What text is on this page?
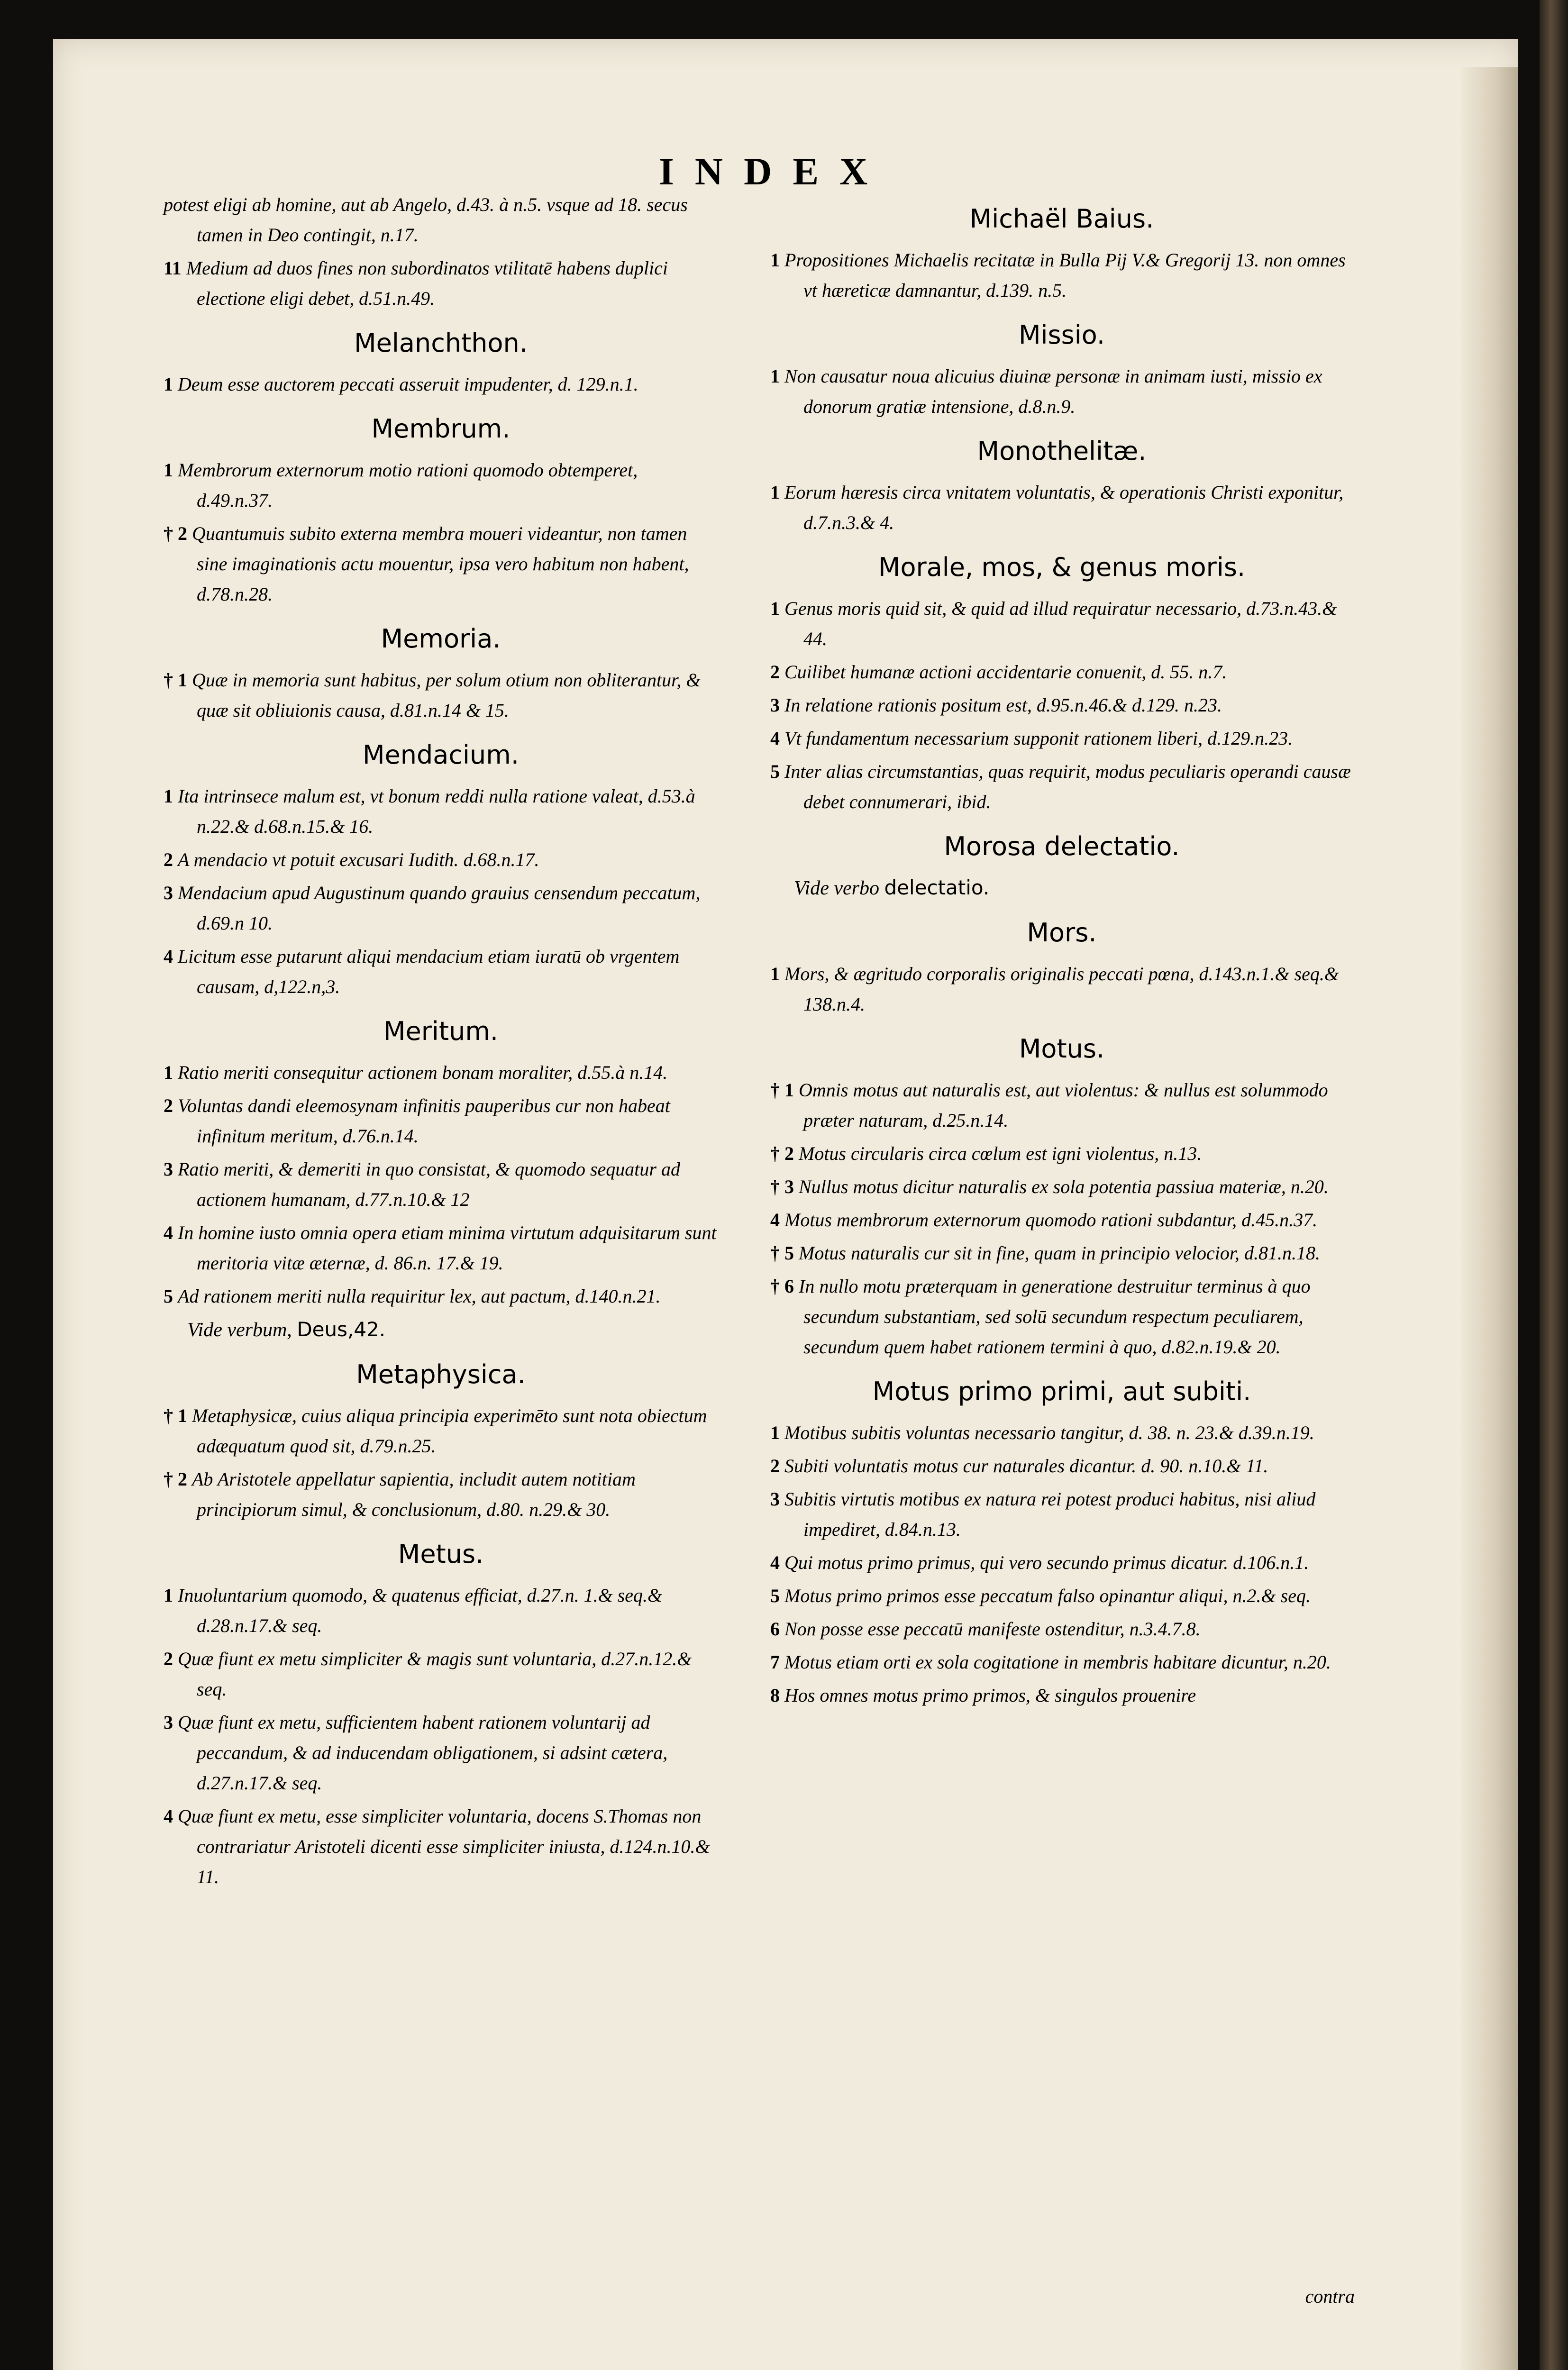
INDEX
potest eligi ab homine, aut ab Angelo, d.43. à n.5. vsque ad 18. secus tamen in Deo contingit, n.17.
11 Medium ad duos fines non subordinatos vtilitatē habens duplici electione eligi debet, d.51.n.49.
Melanchthon.
1 Deum esse auctorem peccati asseruit impudenter, d. 129.n.1.
Membrum.
1 Membrorum externorum motio rationi quomodo obtemperet, d.49.n.37.
† 2 Quantumuis subito externa membra moueri videantur, non tamen sine imaginationis actu mouentur, ipsa vero habitum non habent, d.78.n.28.
Memoria.
† 1 Quæ in memoria sunt habitus, per solum otium non obliterantur, & quæ sit obliuionis causa, d.81.n.14 & 15.
Mendacium.
1 Ita intrinsece malum est, vt bonum reddi nulla ratione valeat, d.53.à n.22.& d.68.n.15.& 16.
2 A mendacio vt potuit excusari Iudith. d.68.n.17.
3 Mendacium apud Augustinum quando grauius censendum peccatum, d.69.n 10.
4 Licitum esse putarunt aliqui mendacium etiam iuratū ob vrgentem causam, d,122.n,3.
Meritum.
1 Ratio meriti consequitur actionem bonam moraliter, d.55.à n.14.
2 Voluntas dandi eleemosynam infinitis pauperibus cur non habeat infinitum meritum, d.76.n.14.
3 Ratio meriti, & demeriti in quo consistat, & quomodo sequatur ad actionem humanam, d.77.n.10.& 12
4 In homine iusto omnia opera etiam minima virtutum adquisitarum sunt meritoria vitæ æternæ, d. 86.n. 17.& 19.
5 Ad rationem meriti nulla requiritur lex, aut pactum, d.140.n.21.
Vide verbum, Deus,42.
Metaphysica.
† 1 Metaphysicæ, cuius aliqua principia experimēto sunt nota obiectum adæquatum quod sit, d.79.n.25.
† 2 Ab Aristotele appellatur sapientia, includit autem notitiam principiorum simul, & conclusionum, d.80. n.29.& 30.
Metus.
1 Inuoluntarium quomodo, & quatenus efficiat, d.27.n. 1.& seq.& d.28.n.17.& seq.
2 Quæ fiunt ex metu simpliciter & magis sunt voluntaria, d.27.n.12.& seq.
3 Quæ fiunt ex metu, sufficientem habent rationem voluntarij ad peccandum, & ad inducendam obligationem, si adsint cætera, d.27.n.17.& seq.
4 Quæ fiunt ex metu, esse simpliciter voluntaria, docens S.Thomas non contrariatur Aristoteli dicenti esse simpliciter iniusta, d.124.n.10.& 11.
Michaël Baius.
1 Propositiones Michaelis recitatæ in Bulla Pij V.& Gregorij 13. non omnes vt hæreticæ damnantur, d.139. n.5.
Missio.
1 Non causatur noua alicuius diuinæ personæ in animam iusti, missio ex donorum gratiæ intensione, d.8.n.9.
Monothelitæ.
1 Eorum hæresis circa vnitatem voluntatis, & operationis Christi exponitur, d.7.n.3.& 4.
Morale, mos, & genus moris.
1 Genus moris quid sit, & quid ad illud requiratur necessario, d.73.n.43.& 44.
2 Cuilibet humanæ actioni accidentarie conuenit, d. 55. n.7.
3 In relatione rationis positum est, d.95.n.46.& d.129. n.23.
4 Vt fundamentum necessarium supponit rationem liberi, d.129.n.23.
5 Inter alias circumstantias, quas requirit, modus peculiaris operandi causæ debet connumerari, ibid.
Morosa delectatio.
Vide verbo delectatio.
Mors.
1 Mors, & ægritudo corporalis originalis peccati pœna, d.143.n.1.& seq.& 138.n.4.
Motus.
† 1 Omnis motus aut naturalis est, aut violentus: & nullus est solummodo præter naturam, d.25.n.14.
† 2 Motus circularis circa cœlum est igni violentus, n.13.
† 3 Nullus motus dicitur naturalis ex sola potentia passiua materiæ, n.20.
4 Motus membrorum externorum quomodo rationi subdantur, d.45.n.37.
† 5 Motus naturalis cur sit in fine, quam in principio velocior, d.81.n.18.
† 6 In nullo motu præterquam in generatione destruitur terminus à quo secundum substantiam, sed solū secundum respectum peculiarem, secundum quem habet rationem termini à quo, d.82.n.19.& 20.
Motus primo primi, aut subiti.
1 Motibus subitis voluntas necessario tangitur, d. 38. n. 23.& d.39.n.19.
2 Subiti voluntatis motus cur naturales dicantur. d. 90. n.10.& 11.
3 Subitis virtutis motibus ex natura rei potest produci habitus, nisi aliud impediret, d.84.n.13.
4 Qui motus primo primus, qui vero secundo primus dicatur. d.106.n.1.
5 Motus primo primos esse peccatum falso opinantur aliqui, n.2.& seq.
6 Non posse esse peccatū manifeste ostenditur, n.3.4.7.8.
7 Motus etiam orti ex sola cogitatione in membris habitare dicuntur, n.20.
8 Hos omnes motus primo primos, & singulos prouenire
contra
